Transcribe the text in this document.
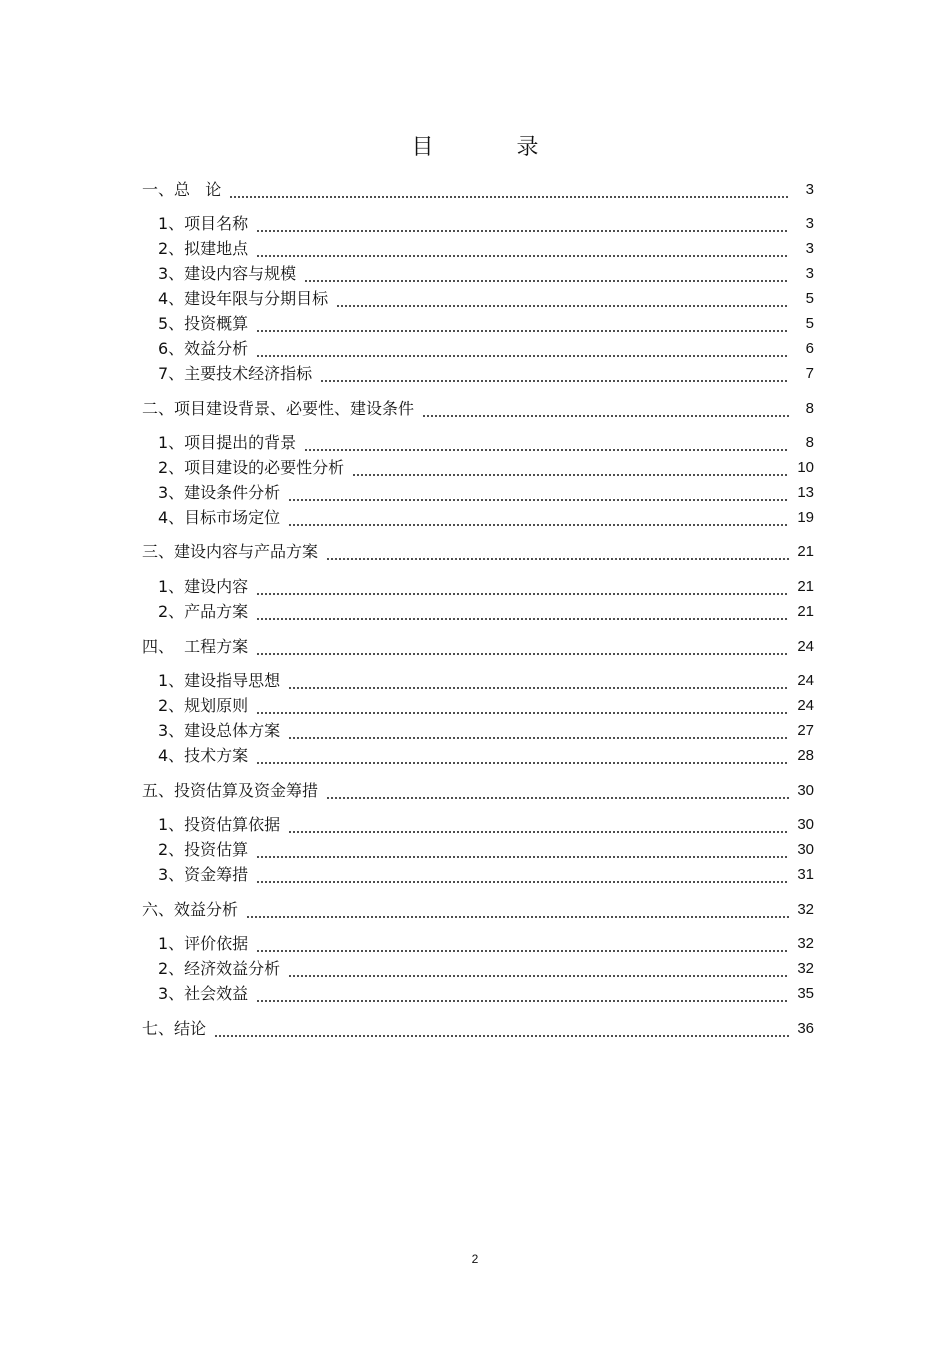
目 录
一、总   论	3
1、项目名称	3
2、拟建地点	3
3、建设内容与规模	3
4、建设年限与分期目标	5
5、投资概算	5
6、效益分析	6
7、主要技术经济指标	7
二、项目建设背景、必要性、建设条件	8
1、项目提出的背景	8
2、项目建设的必要性分析	10
3、建设条件分析	13
4、目标市场定位	19
三、建设内容与产品方案	21
1、建设内容	21
2、产品方案	21
四、  工程方案	24
1、建设指导思想	24
2、规划原则	24
3、建设总体方案	27
4、技术方案	28
五、投资估算及资金筹措	30
1、投资估算依据	30
2、投资估算	30
3、资金筹措	31
六、效益分析	32
1、评价依据	32
2、经济效益分析	32
3、社会效益	35
七、结论	36
2
